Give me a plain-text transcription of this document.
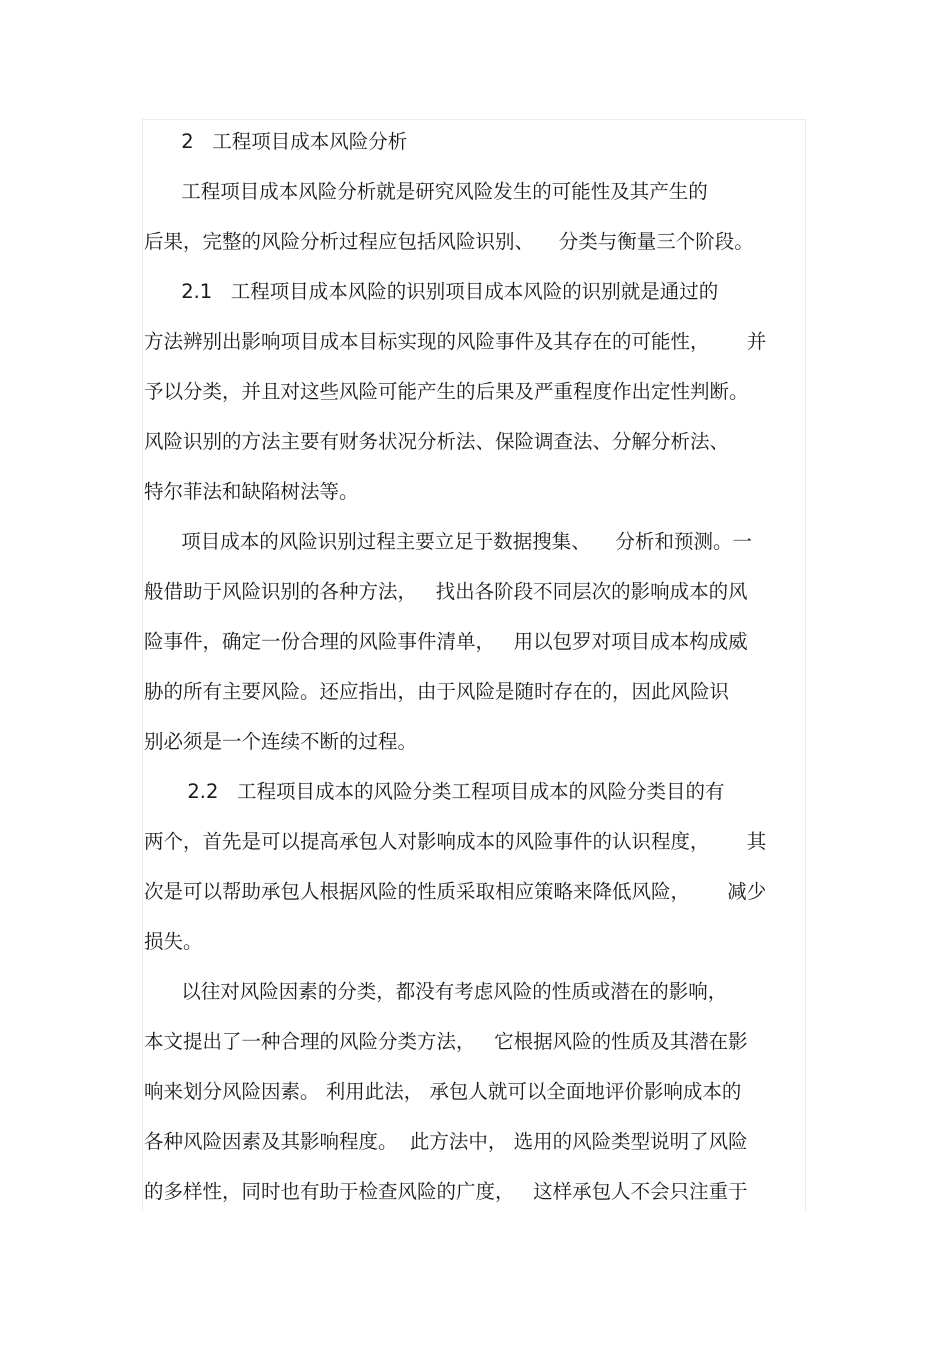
2   工程项目成本风险分析
工程项目成本风险分析就是研究风险发生的可能性及其产生的
后果，完整的风险分析过程应包括风险识别、    分类与衡量三个阶段。
2.1   工程项目成本风险的识别项目成本风险的识别就是通过的
方法辨别出影响项目成本目标实现的风险事件及其存在的可能性，      并
予以分类，并且对这些风险可能产生的后果及严重程度作出定性判断。
风险识别的方法主要有财务状况分析法、保险调查法、分解分析法、
特尔菲法和缺陷树法等。
项目成本的风险识别过程主要立足于数据搜集、    分析和预测。一
般借助于风险识别的各种方法，   找出各阶段不同层次的影响成本的风
险事件，确定一份合理的风险事件清单，   用以包罗对项目成本构成威
胁的所有主要风险。还应指出，由于风险是随时存在的，因此风险识
别必须是一个连续不断的过程。
2.2   工程项目成本的风险分类工程项目成本的风险分类目的有
两个，首先是可以提高承包人对影响成本的风险事件的认识程度，      其
次是可以帮助承包人根据风险的性质采取相应策略来降低风险，      减少
损失。
以往对风险因素的分类，都没有考虑风险的性质或潜在的影响，
本文提出了一种合理的风险分类方法，   它根据风险的性质及其潜在影
响来划分风险因素。 利用此法， 承包人就可以全面地评价影响成本的
各种风险因素及其影响程度。  此方法中， 选用的风险类型说明了风险
的多样性，同时也有助于检查风险的广度，   这样承包人不会只注重于
